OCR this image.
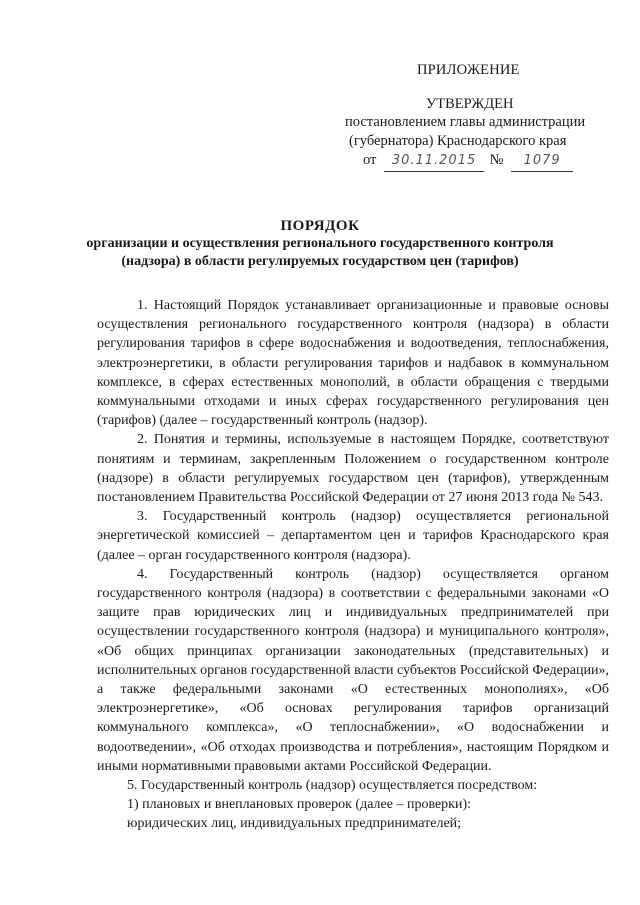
ПРИЛОЖЕНИЕ
УТВЕРЖДЕН
постановлением главы администрации
(губернатора) Краснодарского края
от 30.11.2015 № 1079
ПОРЯДОК
организации и осуществления регионального государственного контроля
(надзора) в области регулируемых государством цен (тарифов)

1. Настоящий Порядок устанавливает организационные и правовые основы осуществления регионального государственного контроля (надзора) в области регулирования тарифов в сфере водоснабжения и водоотведения, теплоснабжения, электроэнергетики, в области регулирования тарифов и надбавок в коммунальном комплексе, в сферах естественных монополий, в области обращения с твердыми коммунальными отходами и иных сферах государственного регулирования цен (тарифов) (далее – государственный контроль (надзор).

2. Понятия и термины, используемые в настоящем Порядке, соответствуют понятиям и терминам, закрепленным Положением о государственном контроле (надзоре) в области регулируемых государством цен (тарифов), утвержденным постановлением Правительства Российской Федерации от 27 июня 2013 года № 543.

3. Государственный контроль (надзор) осуществляется региональной энергетической комиссией – департаментом цен и тарифов Краснодарского края (далее – орган государственного контроля (надзора).

4. Государственный контроль (надзор) осуществляется органом государственного контроля (надзора) в соответствии с федеральными законами «О защите прав юридических лиц и индивидуальных предпринимателей при осуществлении государственного контроля (надзора) и муниципального контроля», «Об общих принципах организации законодательных (представительных) и исполнительных органов государственной власти субъектов Российской Федерации», а также федеральными законами «О естественных монополиях», «Об электроэнергетике», «Об основах регулирования тарифов организаций коммунального комплекса», «О теплоснабжении», «О водоснабжении и водоотведении», «Об отходах производства и потребления», настоящим Порядком и иными нормативными правовыми актами Российской Федерации.

5. Государственный контроль (надзор) осуществляется посредством:

1) плановых и внеплановых проверок (далее – проверки):

юридических лиц, индивидуальных предпринимателей;
